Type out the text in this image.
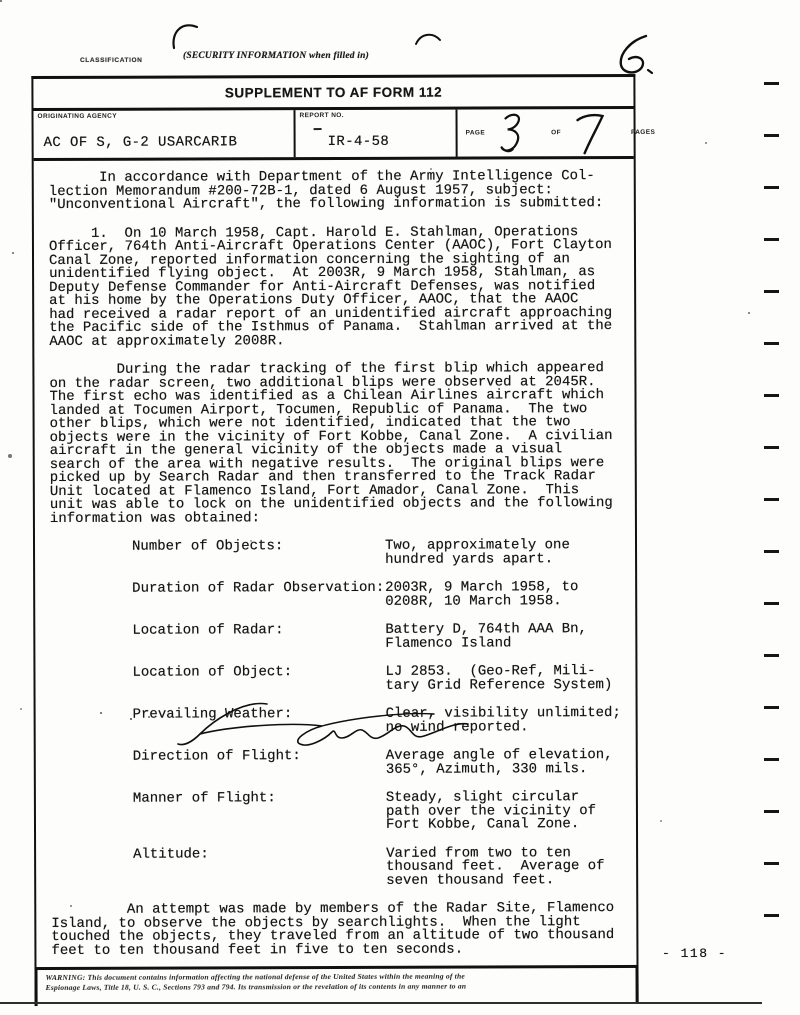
CLASSIFICATION	(SECURITY INFORMATION when filled in)
SUPPLEMENT TO AF FORM 112
ORIGINATING AGENCY
AC OF S, G-2 USARCARIB
REPORT NO.
IR-4-58
PAGE	OF	PAGES

In accordance with Department of the Army Intelligence Col-
lection Memorandum #200-72B-1, dated 6 August 1957, subject:
"Unconventional Aircraft", the following information is submitted:

1.  On 10 March 1958, Capt. Harold E. Stahlman, Operations
Officer, 764th Anti-Aircraft Operations Center (AAOC), Fort Clayton
Canal Zone, reported information concerning the sighting of an
unidentified flying object.  At 2003R, 9 March 1958, Stahlman, as
Deputy Defense Commander for Anti-Aircraft Defenses, was notified
at his home by the Operations Duty Officer, AAOC, that the AAOC
had received a radar report of an unidentified aircraft approaching
the Pacific side of the Isthmus of Panama.  Stahlman arrived at the
AAOC at approximately 2008R.

During the radar tracking of the first blip which appeared
on the radar screen, two additional blips were observed at 2045R.
The first echo was identified as a Chilean Airlines aircraft which
landed at Tocumen Airport, Tocumen, Republic of Panama.  The two
other blips, which were not identified, indicated that the two
objects were in the vicinity of Fort Kobbe, Canal Zone.  A civilian
aircraft in the general vicinity of the objects made a visual
search of the area with negative results.  The original blips were
picked up by Search Radar and then transferred to the Track Radar
Unit located at Flamenco Island, Fort Amador, Canal Zone.  This
unit was able to lock on the unidentified objects and the following
information was obtained:

Number of Objects:	Two, approximately one
hundred yards apart.
Duration of Radar Observation: 2003R, 9 March 1958, to
0208R, 10 March 1958.
Location of Radar:	Battery D, 764th AAA Bn,
Flamenco Island
Location of Object:	LJ 2853.  (Geo-Ref, Mili-
tary Grid Reference System)
Prevailing Weather:	Clear, visibility unlimited;
no wind reported.
Direction of Flight:	Average angle of elevation,
365°, Azimuth, 330 mils.
Manner of Flight:	Steady, slight circular
path over the vicinity of
Fort Kobbe, Canal Zone.
Altitude:	Varied from two to ten
thousand feet.  Average of
seven thousand feet.

An attempt was made by members of the Radar Site, Flamenco
Island, to observe the objects by searchlights.  When the light
touched the objects, they traveled from an altitude of two thousand
feet to ten thousand feet in five to ten seconds.

WARNING: This document contains information affecting the national defense of the United States within the meaning of the
Espionage Laws, Title 18, U. S. C., Sections 793 and 794. Its transmission or the revelation of its contents in any manner to an
- 118 -
